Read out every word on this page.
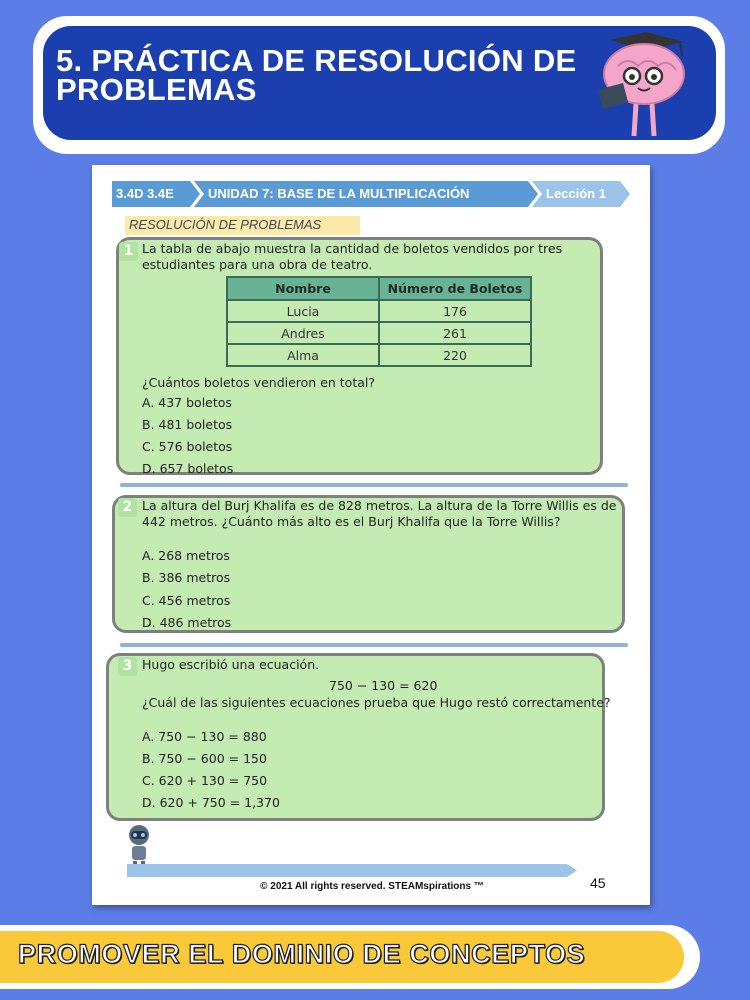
5. PRÁCTICA DE RESOLUCIÓN DE PROBLEMAS
3.4D 3.4E	UNIDAD 7: BASE DE LA MULTIPLICACIÓN	Lección 1
RESOLUCIÓN DE PROBLEMAS
1 La tabla de abajo muestra la cantidad de boletos vendidos por tres estudiantes para una obra de teatro.
Nombre	Número de Boletos
Lucia	176
Andres	261
Alma	220
¿Cuántos boletos vendieron en total?
A. 437 boletos
B. 481 boletos
C. 576 boletos
D. 657 boletos
2 La altura del Burj Khalifa es de 828 metros. La altura de la Torre Willis es de 442 metros. ¿Cuánto más alto es el Burj Khalifa que la Torre Willis?
A. 268 metros
B. 386 metros
C. 456 metros
D. 486 metros
3 Hugo escribió una ecuación.
750 − 130 = 620
¿Cuál de las siguientes ecuaciones prueba que Hugo restó correctamente?
A. 750 − 130 = 880
B. 750 − 600 = 150
C. 620 + 130 = 750
D. 620 + 750 = 1,370
© 2021 All rights reserved. STEAMspirations ™	45
PROMOVER EL DOMINIO DE CONCEPTOS
